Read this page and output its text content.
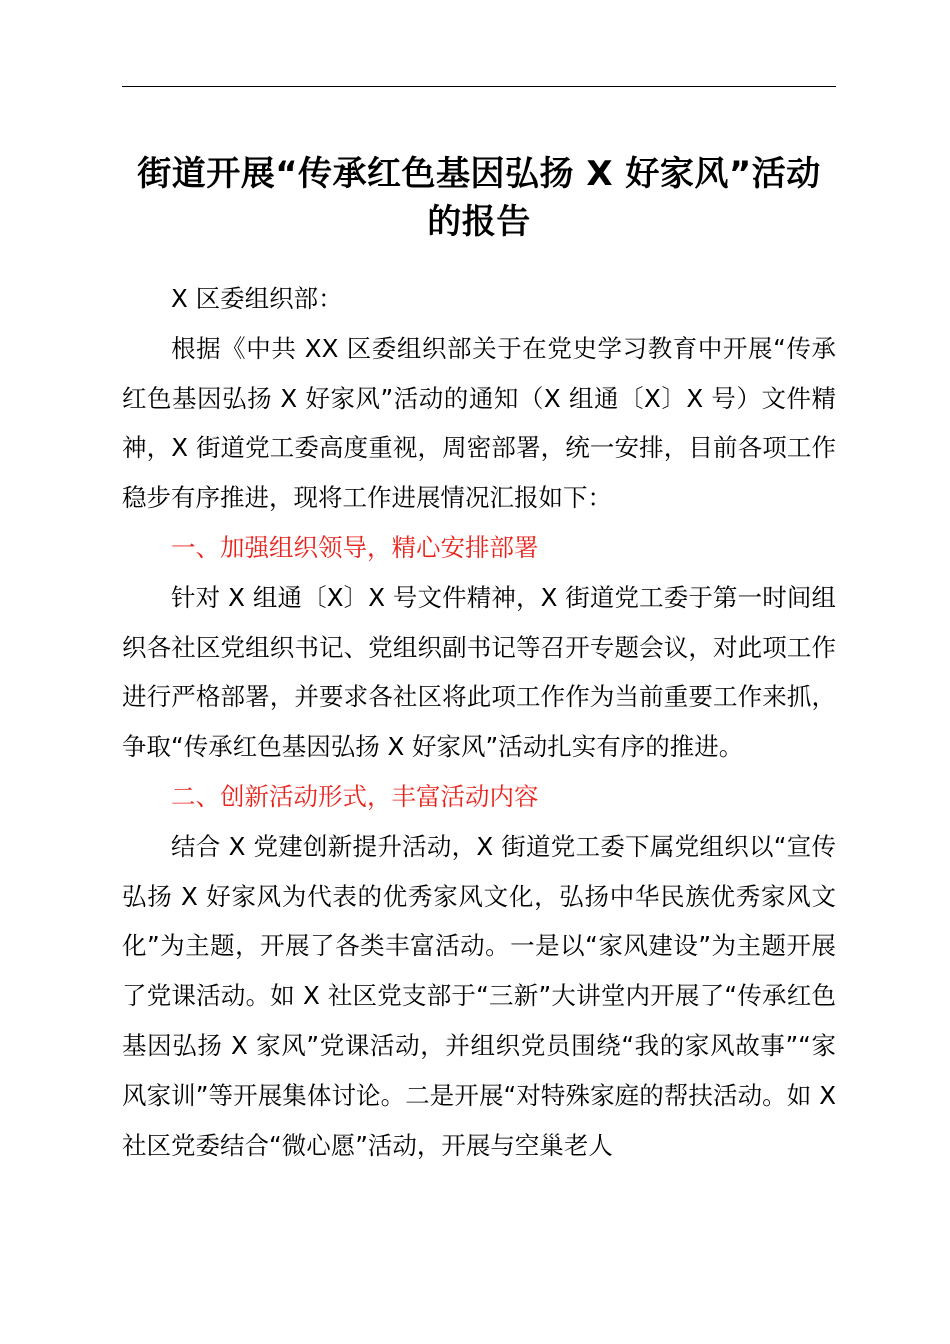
街道开展“传承红色基因弘扬 X 好家风”活动
的报告

X 区委组织部：

根据《中共 XX 区委组织部关于在党史学习教育中开展“传承红色基因弘扬 X 好家风”活动的通知（X 组通〔X〕X 号）文件精神，X 街道党工委高度重视，周密部署，统一安排，目前各项工作稳步有序推进，现将工作进展情况汇报如下：

一、加强组织领导，精心安排部署

针对 X 组通〔X〕X 号文件精神，X 街道党工委于第一时间组织各社区党组织书记、党组织副书记等召开专题会议，对此项工作进行严格部署，并要求各社区将此项工作作为当前重要工作来抓，争取“传承红色基因弘扬 X 好家风”活动扎实有序的推进。

二、创新活动形式，丰富活动内容

结合 X 党建创新提升活动，X 街道党工委下属党组织以“宣传弘扬 X 好家风为代表的优秀家风文化，弘扬中华民族优秀家风文化”为主题，开展了各类丰富活动。一是以“家风建设”为主题开展了党课活动。如 X 社区党支部于“三新”大讲堂内开展了“传承红色基因弘扬 X 家风”党课活动，并组织党员围绕“我的家风故事”“家风家训”等开展集体讨论。二是开展“对特殊家庭的帮扶活动。如 X 社区党委结合“微心愿”活动，开展与空巢老人
